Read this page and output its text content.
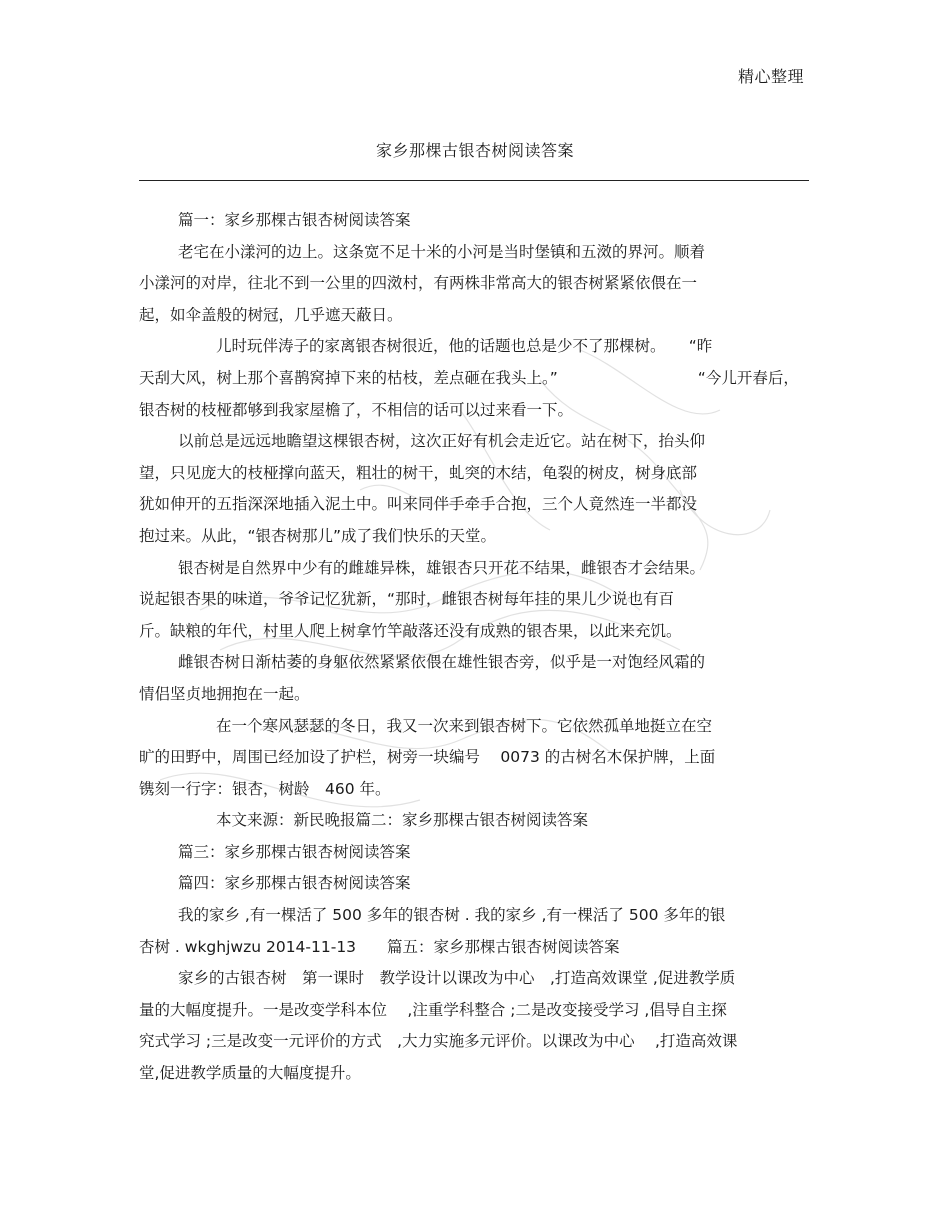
精心整理
家乡那棵古银杏树阅读答案
篇一：家乡那棵古银杏树阅读答案
老宅在小漾河的边上。这条宽不足十米的小河是当时堡镇和五滧的界河。顺着
小漾河的对岸，往北不到一公里的四滧村，有两株非常高大的银杏树紧紧依偎在一
起，如伞盖般的树冠，几乎遮天蔽日。
儿时玩伴涛子的家离银杏树很近，他的话题也总是少不了那棵树。　　“昨
天刮大风，树上那个喜鹊窝掉下来的枯枝，差点砸在我头上。”	“今儿开春后，
银杏树的枝桠都够到我家屋檐了，不相信的话可以过来看一下。
以前总是远远地瞻望这棵银杏树，这次正好有机会走近它。站在树下，抬头仰
望，只见庞大的枝桠撑向蓝天，粗壮的树干，虬突的木结，龟裂的树皮，树身底部
犹如伸开的五指深深地插入泥土中。叫来同伴手牵手合抱，三个人竟然连一半都没
抱过来。从此，“银杏树那儿”成了我们快乐的天堂。
银杏树是自然界中少有的雌雄异株，雄银杏只开花不结果，雌银杏才会结果。
说起银杏果的味道，爷爷记忆犹新，“那时，雌银杏树每年挂的果儿少说也有百
斤。缺粮的年代，村里人爬上树拿竹竿敲落还没有成熟的银杏果，以此来充饥。
雌银杏树日渐枯萎的身躯依然紧紧依偎在雄性银杏旁，似乎是一对饱经风霜的
情侣坚贞地拥抱在一起。
在一个寒风瑟瑟的冬日，我又一次来到银杏树下。它依然孤单地挺立在空
旷的田野中，周围已经加设了护栏，树旁一块编号　 0073 的古树名木保护牌，上面
镌刻一行字：银杏，树龄　460 年。
本文来源：新民晚报篇二：家乡那棵古银杏树阅读答案
篇三：家乡那棵古银杏树阅读答案
篇四：家乡那棵古银杏树阅读答案
我的家乡 ,有一棵活了 500 多年的银杏树 . 我的家乡 ,有一棵活了 500 多年的银
杏树 . wkghjwzu 2014-11-13　　篇五：家乡那棵古银杏树阅读答案
家乡的古银杏树　第一课时　教学设计以课改为中心　,打造高效课堂 ,促进教学质
量的大幅度提升。一是改变学科本位　 ,注重学科整合 ;二是改变接受学习 ,倡导自主探
究式学习 ;三是改变一元评价的方式　,大力实施多元评价。以课改为中心　 ,打造高效课
堂,促进教学质量的大幅度提升。
